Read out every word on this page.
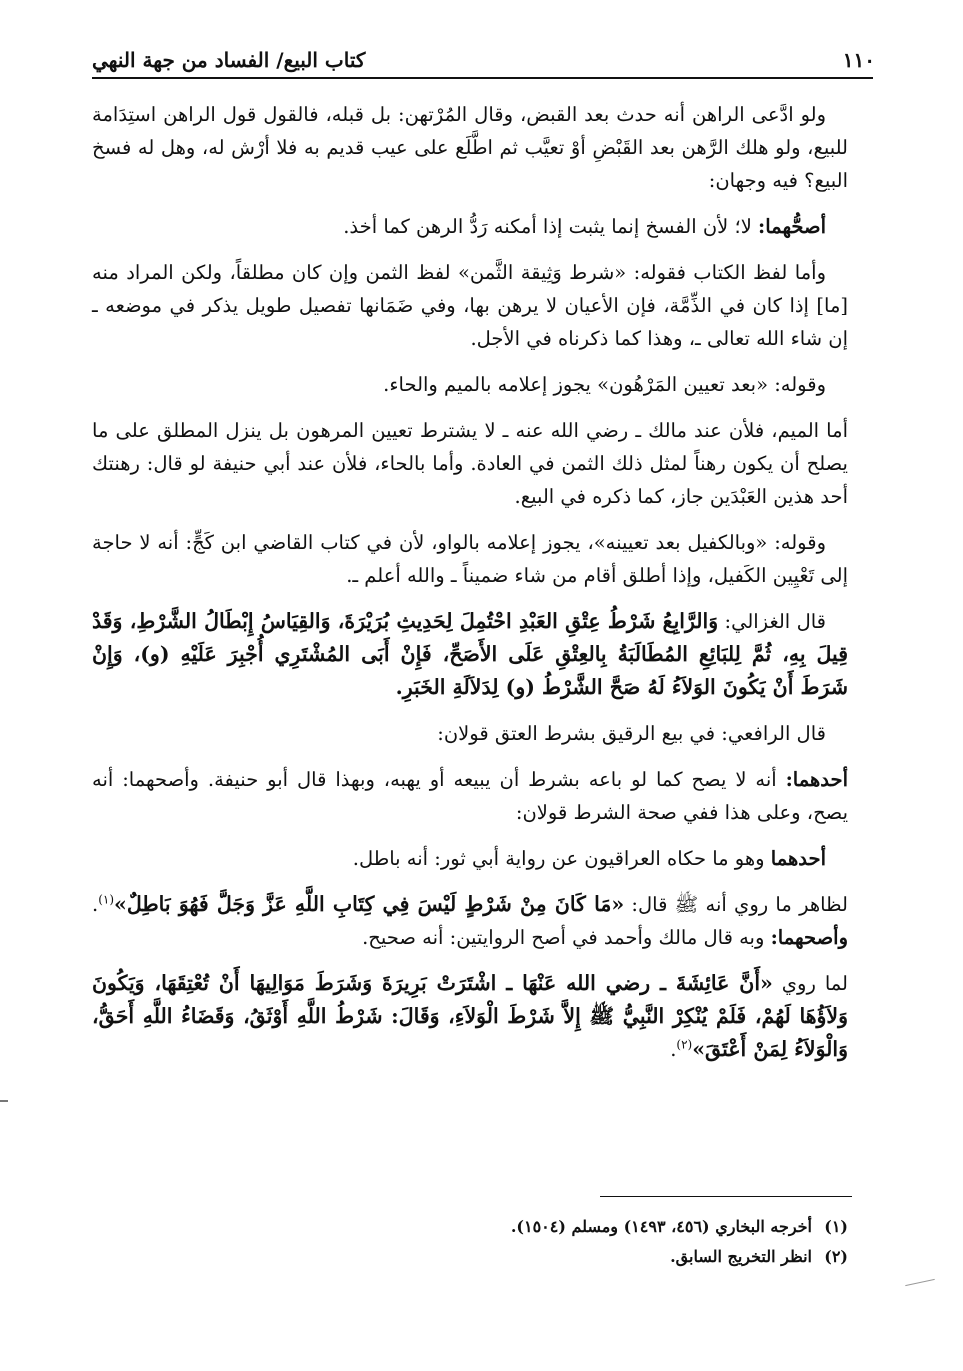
١١٠
كتاب البيع/ الفساد من جهة النهي

ولو ادَّعى الراهن أنه حدث بعد القبض، وقال المُرْتهن: بل قبله، فالقول قول الراهن استِدَامة للبيع، ولو هلك الرَّهن بعد القَبْضِ أوْ تعيَّب ثم اطَّلَع على عيب قديم به فلا أرْش له، وهل له فسخ البيع؟ فيه وجهان:

أصحُّهما: لا؛ لأن الفسخ إنما يثبت إذا أمكنه رَدُّ الرهن كما أخذ.

وأما لفظ الكتاب فقوله: «شرط وَثِيقة الثَّمن» لفظ الثمن وإن كان مطلقاً، ولكن المراد منه [ما] إذا كان في الذِّمَّة، فإن الأعيان لا يرهن بها، وفي ضَمَانها تفصيل طويل يذكر في موضعه ـ إن شاء الله تعالى ـ، وهذا كما ذكرناه في الأجل.

وقوله: «بعد تعيين المَرْهُون» يجوز إعلامه بالميم والحاء.

أما الميم، فلأن عند مالك ـ رضي الله عنه ـ لا يشترط تعيين المرهون بل ينزل المطلق على ما يصلح أن يكون رهناً لمثل ذلك الثمن في العادة. وأما بالحاء، فلأن عند أبي حنيفة لو قال: رهنتك أحد هذين العَبْدَين جاز، كما ذكره في البيع.

وقوله: «وبالكفيل بعد تعيينه»، يجوز إعلامه بالواو، لأن في كتاب القاضي ابن كَجٍّ: أنه لا حاجة إلى تَعْيِين الكَفيل، وإذا أطلق أقام من شاء ضميناً ـ والله أعلم ـ.

قال الغزالي: وَالرَّابِعُ شَرْطُ عِتْقِ العَبْدِ احْتُمِلَ لِحَدِيثِ بُرَيْرَةَ، وَالقِيَاسُ إِبْطَالُ الشَّرْطِ، وَقَدْ قِيلَ بِهِ، ثُمَّ لِلبَائِعِ المُطَالَبَةُ بِالعِتْقِ عَلَى الأَصَحِّ، فَإِنْ أَبَى المُشْتَرِي أُجْبِرَ عَلَيْهِ (و)، وَإِنْ شَرَطَ أَنْ يَكُونَ الوَلاَءُ لَهُ صَحَّ الشَّرْطُ (و) لِدَلاَلَةِ الخَبَرِ.

قال الرافعي: في بيع الرقيق بشرط العتق قولان:

أحدهما: أنه لا يصح كما لو باعه بشرط أن يبيعه أو يهبه، وبهذا قال أبو حنيفة. وأصحهما: أنه يصح، وعلى هذا ففي صحة الشرط قولان:

أحدهما وهو ما حكاه العراقيون عن رواية أبي ثور: أنه باطل.

لظاهر ما روي أنه ﷺ قال: «مَا كَانَ مِنْ شَرْطٍ لَيْسَ فِي كِتَابِ اللَّهِ عَزَّ وَجَلَّ فَهُوَ بَاطِلٌ»$^{(١)}$. وأصحهما: وبه قال مالك وأحمد في أصح الروايتين: أنه صحيح.

لما روي «أَنَّ عَائِشَةَ ـ رضي الله عَنْهَا ـ اشْتَرَتْ بَرِيرَةَ وَشَرَطَ مَوَالِيهَا أَنْ تُعْتِقَهَا، وَيَكُونَ وَلاَؤُهَا لَهُمْ، فَلَمْ يُنْكِرْ النَّبِيُّ ﷺ إِلاَّ شَرْطَ الْوَلاَءِ، وَقَالَ: شَرْطُ اللَّهِ أَوْثَقُ، وَقَضَاءُ اللَّهِ أَحَقُّ، وَالْوَلاَءُ لِمَنْ أَعْتَقَ»$^{(٢)}$.

(١)أخرجه البخاري (٤٥٦، ١٤٩٣) ومسلم (١٥٠٤).
(٢)انظر التخريج السابق.
